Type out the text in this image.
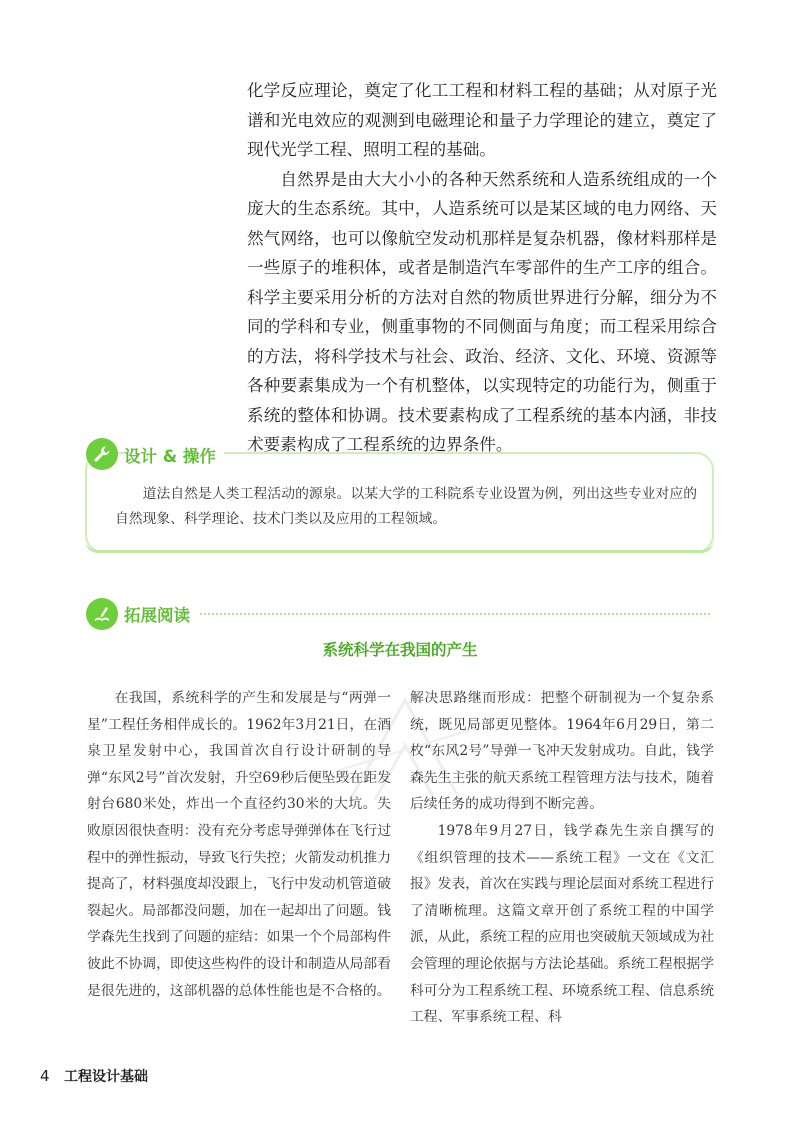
化学反应理论，奠定了化工工程和材料工程的基础；从对原子光谱和光电效应的观测到电磁理论和量子力学理论的建立，奠定了现代光学工程、照明工程的基础。

自然界是由大大小小的各种天然系统和人造系统组成的一个庞大的生态系统。其中，人造系统可以是某区域的电力网络、天然气网络，也可以像航空发动机那样是复杂机器，像材料那样是一些原子的堆积体，或者是制造汽车零部件的生产工序的组合。科学主要采用分析的方法对自然的物质世界进行分解，细分为不同的学科和专业，侧重事物的不同侧面与角度；而工程采用综合的方法，将科学技术与社会、政治、经济、文化、环境、资源等各种要素集成为一个有机整体，以实现特定的功能行为，侧重于系统的整体和协调。技术要素构成了工程系统的基本内涵，非技术要素构成了工程系统的边界条件。

设计 & 操作

道法自然是人类工程活动的源泉。以某大学的工科院系专业设置为例，列出这些专业对应的自然现象、科学理论、技术门类以及应用的工程领域。

拓展阅读
系统科学在我国的产生

在我国，系统科学的产生和发展是与“两弹一星”工程任务相伴成长的。1962年3月21日，在酒泉卫星发射中心，我国首次自行设计研制的导弹“东风2号”首次发射，升空69秒后便坠毁在距发射台680米处，炸出一个直径约30米的大坑。失败原因很快查明：没有充分考虑导弹弹体在飞行过程中的弹性振动，导致飞行失控；火箭发动机推力提高了，材料强度却没跟上，飞行中发动机管道破裂起火。局部都没问题，加在一起却出了问题。钱学森先生找到了问题的症结：如果一个个局部构件彼此不协调，即使这些构件的设计和制造从局部看是很先进的，这部机器的总体性能也是不合格的。

解决思路继而形成：把整个研制视为一个复杂系统，既见局部更见整体。1964年6月29日，第二枚“东风2号”导弹一飞冲天发射成功。自此，钱学森先生主张的航天系统工程管理方法与技术，随着后续任务的成功得到不断完善。

1978年9月27日，钱学森先生亲自撰写的《组织管理的技术——系统工程》一文在《文汇报》发表，首次在实践与理论层面对系统工程进行了清晰梳理。这篇文章开创了系统工程的中国学派，从此，系统工程的应用也突破航天领域成为社会管理的理论依据与方法论基础。系统工程根据学科可分为工程系统工程、环境系统工程、信息系统工程、军事系统工程、科

4 工程设计基础
